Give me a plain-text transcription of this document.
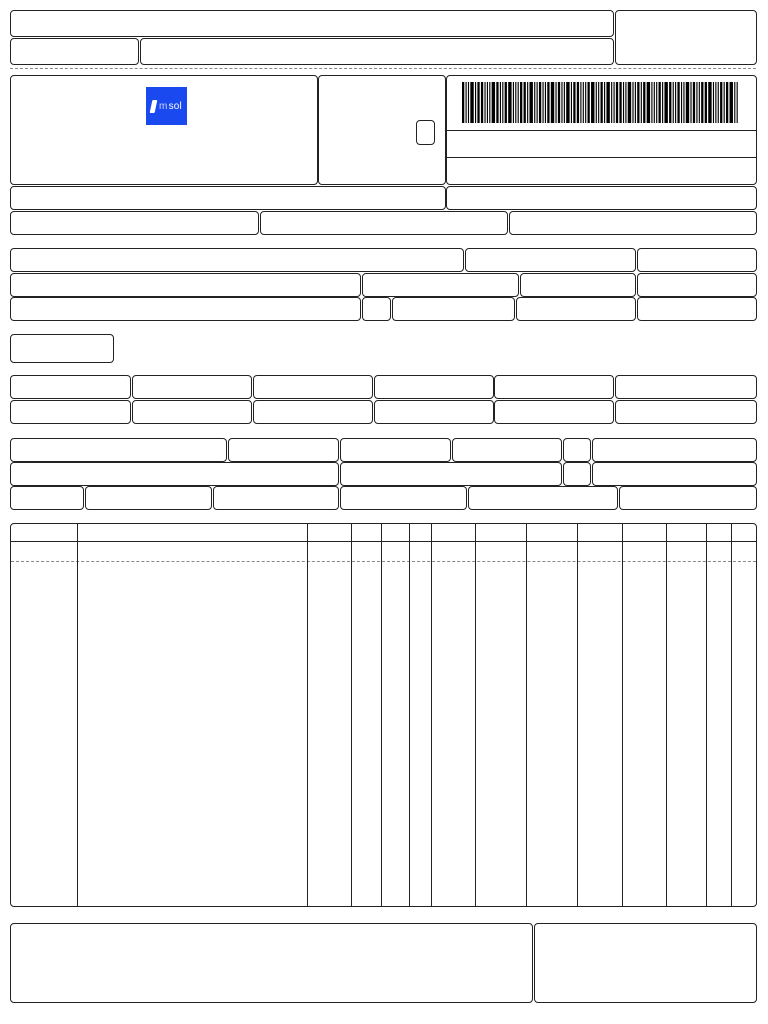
m sol
